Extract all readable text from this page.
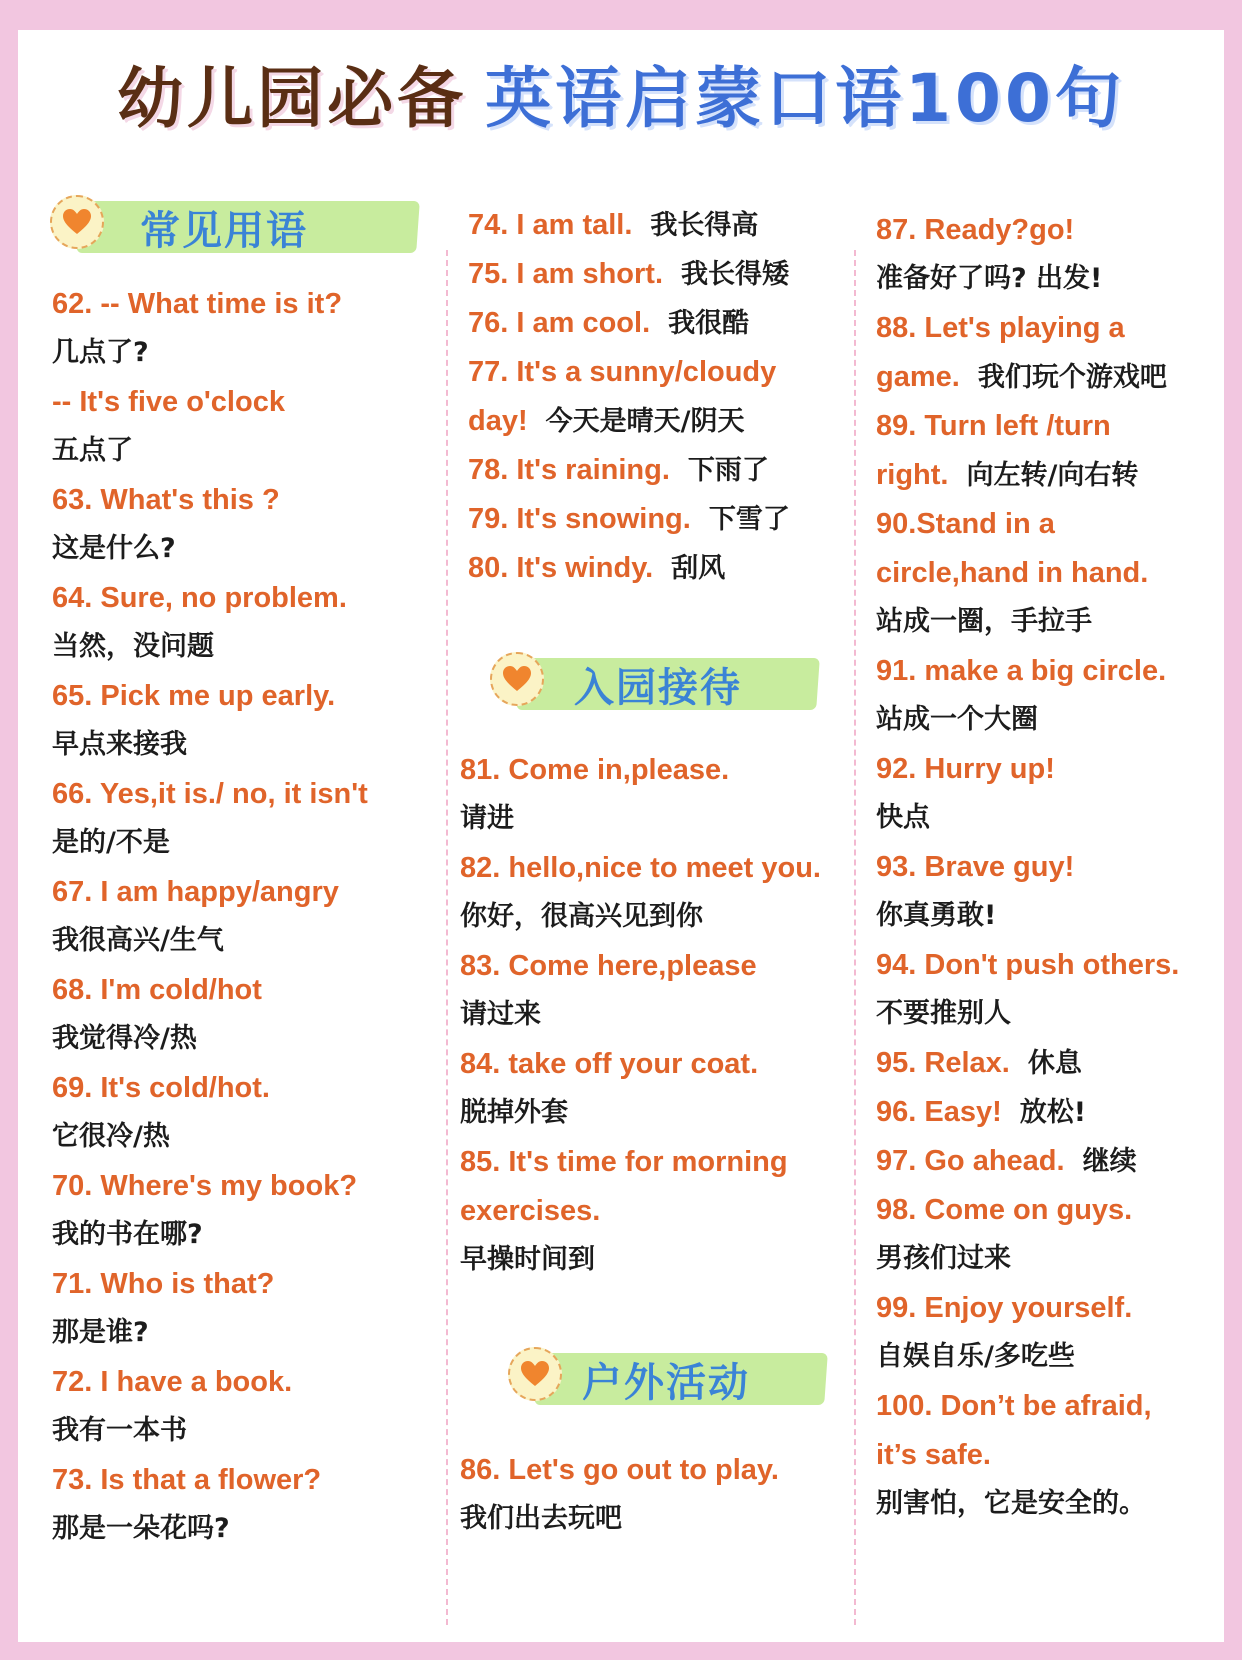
幼儿园必备 英语启蒙口语100句
常见用语
入园接待
户外活动
62. -- What time is it?
几点了?
-- It's five o'clock
五点了
63. What's this ?
这是什么?
64. Sure, no problem.
当然，没问题
65. Pick me up early.
早点来接我
66. Yes,it is./ no, it isn't
是的/不是
67. I am happy/angry
我很高兴/生气
68. I'm cold/hot
我觉得冷/热
69. It's cold/hot.
它很冷/热
70. Where's my book?
我的书在哪?
71. Who is that?
那是谁?
72. I have a book.
我有一本书
73. Is that a flower?
那是一朵花吗?
74. I am tall. 我长得高
75. I am short. 我长得矮
76. I am cool. 我很酷
77. It's a sunny/cloudy
day! 今天是晴天/阴天
78. It's raining. 下雨了
79. It's snowing. 下雪了
80. It's windy. 刮风
81. Come in,please.
请进
82. hello,nice to meet you.
你好，很高兴见到你
83. Come here,please
请过来
84. take off your coat.
脱掉外套
85. It's time for morning
exercises.
早操时间到
86. Let's go out to play.
我们出去玩吧
87. Ready?go!
准备好了吗? 出发!
88. Let's playing a
game. 我们玩个游戏吧
89. Turn left /turn
right. 向左转/向右转
90.Stand in a
circle,hand in hand.
站成一圈，手拉手
91. make a big circle.
站成一个大圈
92. Hurry up!
快点
93. Brave guy!
你真勇敢!
94. Don't push others.
不要推别人
95. Relax. 休息
96. Easy! 放松!
97. Go ahead. 继续
98. Come on guys.
男孩们过来
99. Enjoy yourself.
自娱自乐/多吃些
100. Don’t be afraid,
it’s safe.
别害怕，它是安全的。
